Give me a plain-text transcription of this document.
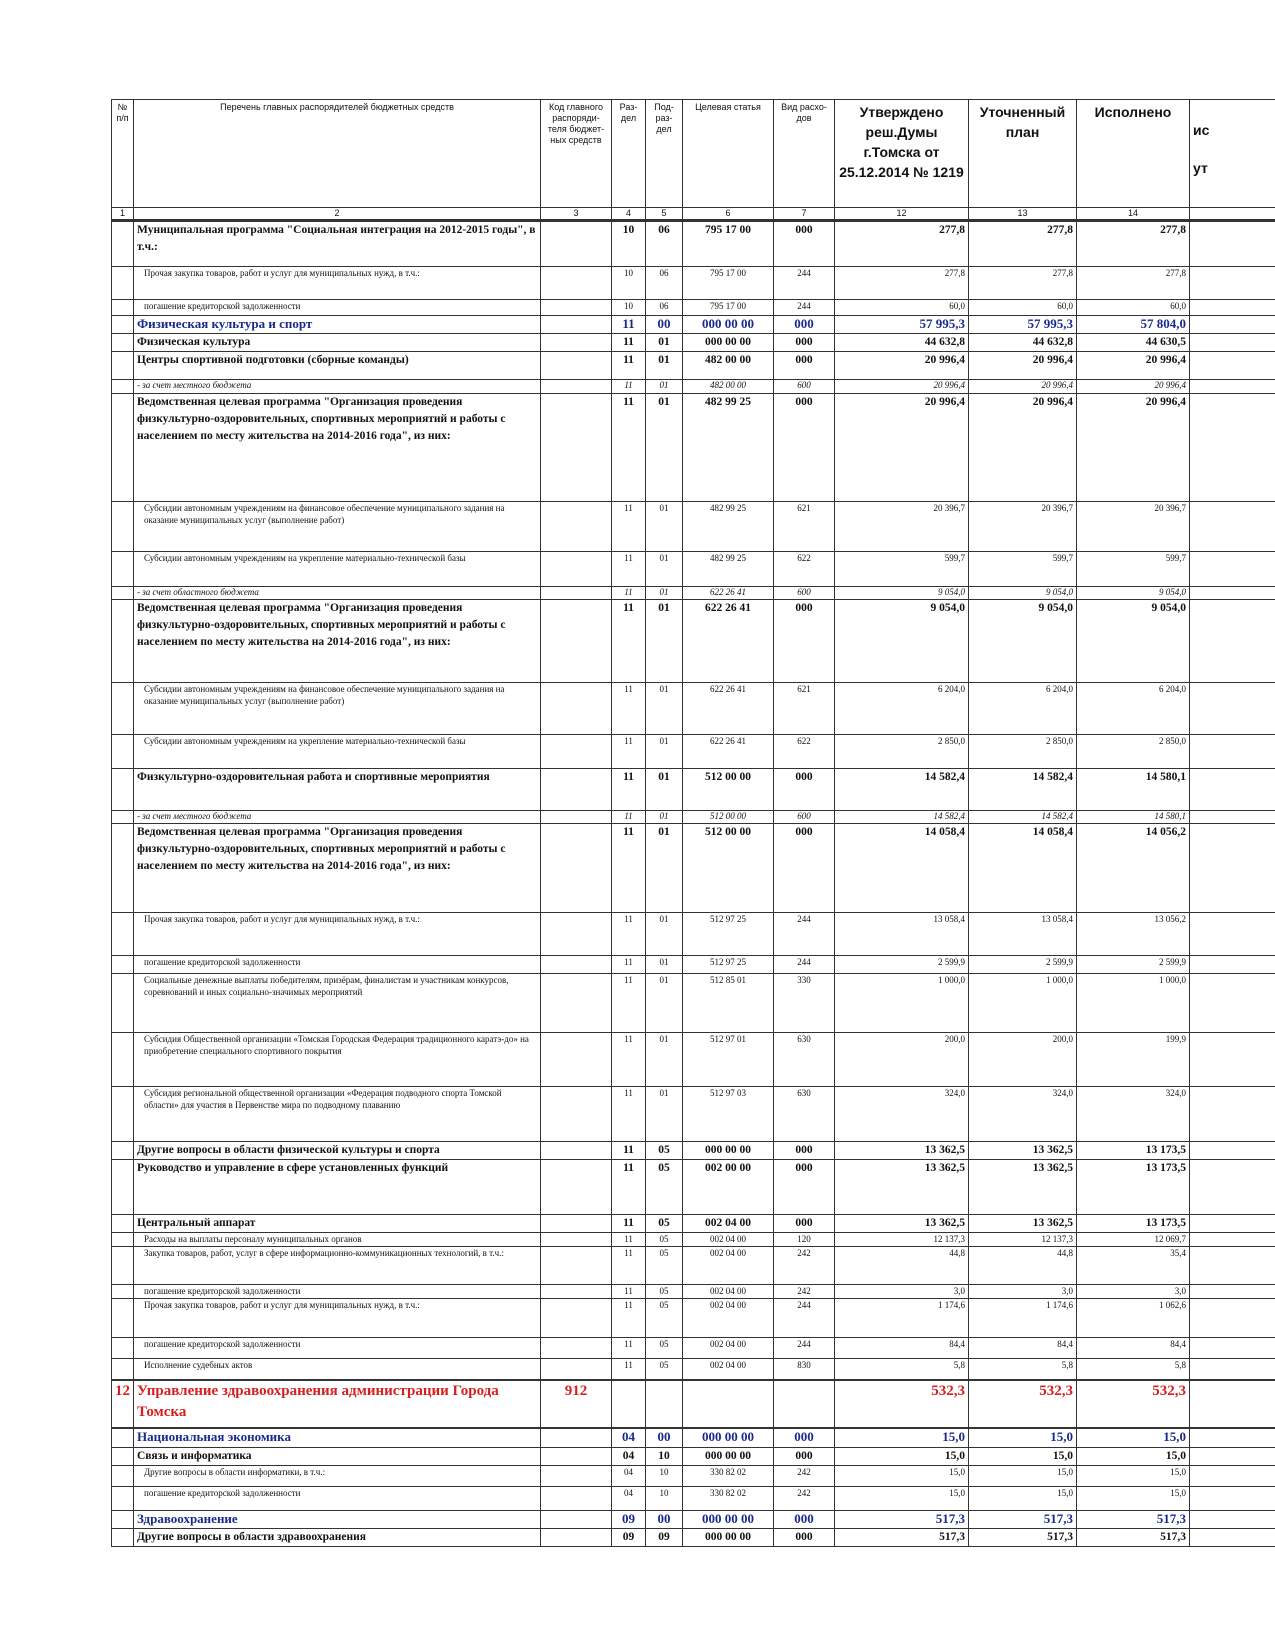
№ п/п	Перечень главных распорядителей бюджетных средств	Код главного распоряди-теля бюджет-ных средств	Раз-дел	Под-раз-дел	Целевая статья	Вид расхо-дов	Утверждено реш.Думы г.Томска от 25.12.2014 № 1219	Уточненный план	Исполнено	ис
ут

1	2	3	4	5	6	7	12	13	14	
	Муниципальная программа "Социальная интеграция на 2012-2015 годы", в т.ч.:		10	06	795 17 00	000	277,8	277,8	277,8	
	Прочая закупка товаров, работ и услуг для муниципальных нужд, в т.ч.:		10	06	795 17 00	244	277,8	277,8	277,8	
	погашение кредиторской задолженности		10	06	795 17 00	244	60,0	60,0	60,0	
	Физическая культура и спорт		11	00	000 00 00	000	57 995,3	57 995,3	57 804,0	
	Физическая культура		11	01	000 00 00	000	44 632,8	44 632,8	44 630,5	
	Центры спортивной подготовки (сборные команды)		11	01	482 00 00	000	20 996,4	20 996,4	20 996,4	
	- за счет местного бюджета		11	01	482 00 00	600	20 996,4	20 996,4	20 996,4	
	Ведомственная целевая программа "Организация проведения физкультурно-оздоровительных, спортивных мероприятий и работы с населением по месту жительства на 2014-2016 года", из них:		11	01	482 99 25	000	20 996,4	20 996,4	20 996,4	
	Субсидии автономным учреждениям на финансовое обеспечение муниципального задания на оказание муниципальных услуг (выполнение работ)		11	01	482 99 25	621	20 396,7	20 396,7	20 396,7	
	Субсидии автономным учреждениям на укрепление материально-технической базы		11	01	482 99 25	622	599,7	599,7	599,7	
	- за счет областного бюджета		11	01	622 26 41	600	9 054,0	9 054,0	9 054,0	
	Ведомственная целевая программа "Организация проведения физкультурно-оздоровительных, спортивных мероприятий и работы с населением по месту жительства на 2014-2016 года", из них:		11	01	622 26 41	000	9 054,0	9 054,0	9 054,0	
	Субсидии автономным учреждениям на финансовое обеспечение муниципального задания на оказание муниципальных услуг (выполнение работ)		11	01	622 26 41	621	6 204,0	6 204,0	6 204,0	
	Субсидии автономным учреждениям на укрепление материально-технической базы		11	01	622 26 41	622	2 850,0	2 850,0	2 850,0	
	Физкультурно-оздоровительная работа и спортивные мероприятия		11	01	512 00 00	000	14 582,4	14 582,4	14 580,1	
	- за счет местного бюджета		11	01	512 00 00	600	14 582,4	14 582,4	14 580,1	
	Ведомственная целевая программа "Организация проведения физкультурно-оздоровительных, спортивных мероприятий и работы с населением по месту жительства на 2014-2016 года", из них:		11	01	512 00 00	000	14 058,4	14 058,4	14 056,2	
	Прочая закупка товаров, работ и услуг для муниципальных нужд, в т.ч.:		11	01	512 97 25	244	13 058,4	13 058,4	13 056,2	
	погашение кредиторской задолженности		11	01	512 97 25	244	2 599,9	2 599,9	2 599,9	
	Социальные денежные выплаты победителям, призёрам, финалистам и участникам конкурсов, соревнований и иных социально-значимых мероприятий		11	01	512 85 01	330	1 000,0	1 000,0	1 000,0	
	Субсидия Общественной организации «Томская Городская Федерация традиционного каратэ-до» на приобретение специального спортивного покрытия		11	01	512 97 01	630	200,0	200,0	199,9	
	Субсидия региональной общественной организации «Федерация подводного спорта Томской области» для участия в Первенстве мира по подводному плаванию		11	01	512 97 03	630	324,0	324,0	324,0	
	Другие вопросы в области физической культуры и спорта		11	05	000 00 00	000	13 362,5	13 362,5	13 173,5	
	Руководство и управление в сфере установленных функций		11	05	002 00 00	000	13 362,5	13 362,5	13 173,5	
	Центральный аппарат		11	05	002 04 00	000	13 362,5	13 362,5	13 173,5	
	Расходы на выплаты персоналу муниципальных органов		11	05	002 04 00	120	12 137,3	12 137,3	12 069,7	
	Закупка товаров, работ, услуг в сфере информационно-коммуникационных технологий, в т.ч.:		11	05	002 04 00	242	44,8	44,8	35,4	
	погашение кредиторской задолженности		11	05	002 04 00	242	3,0	3,0	3,0	
	Прочая закупка товаров, работ и услуг для муниципальных нужд, в т.ч.:		11	05	002 04 00	244	1 174,6	1 174,6	1 062,6	
	погашение кредиторской задолженности		11	05	002 04 00	244	84,4	84,4	84,4	
	Исполнение судебных актов		11	05	002 04 00	830	5,8	5,8	5,8	
12	Управление здравоохранения администрации Города Томска	912					532,3	532,3	532,3	
	Национальная экономика		04	00	000 00 00	000	15,0	15,0	15,0	
	Связь и информатика		04	10	000 00 00	000	15,0	15,0	15,0	
	Другие вопросы в области информатики, в т.ч.:		04	10	330 82 02	242	15,0	15,0	15,0	
	погашение кредиторской задолженности		04	10	330 82 02	242	15,0	15,0	15,0	
	Здравоохранение		09	00	000 00 00	000	517,3	517,3	517,3	
	Другие вопросы в области здравоохранения		09	09	000 00 00	000	517,3	517,3	517,3	
